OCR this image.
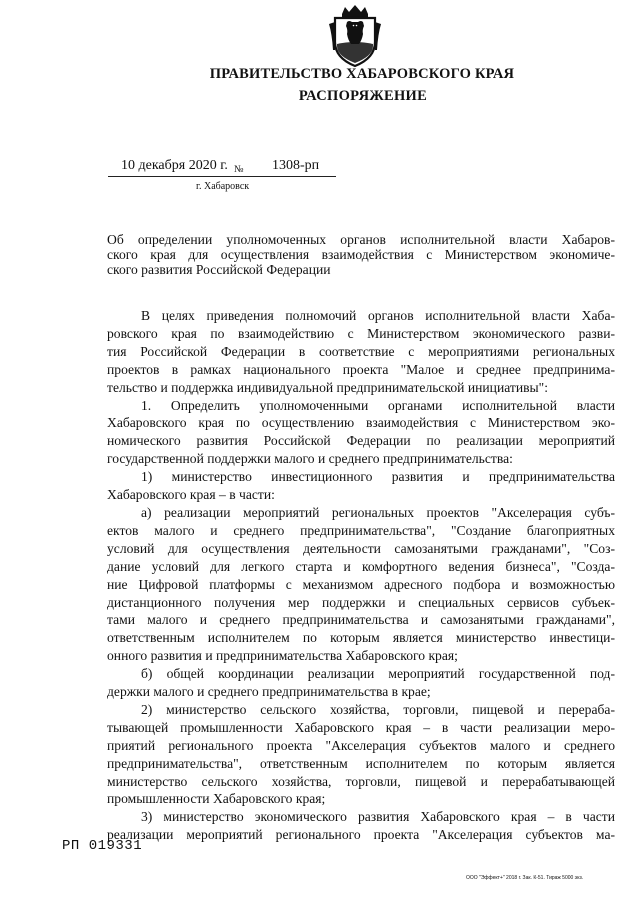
ПРАВИТЕЛЬСТВО ХАБАРОВСКОГО КРАЯ
РАСПОРЯЖЕНИЕ
10 декабря 2020 г. № 1308-рп
г. Хабаровск
Об определении уполномоченных органов исполнительной власти Хабаров-
ского края для осуществления взаимодействия с Министерством экономиче-
ского развития Российской Федерации
В целях приведения полномочий органов исполнительной власти Хаба-
ровского края по взаимодействию с Министерством экономического разви-
тия Российской Федерации в соответствие с мероприятиями региональных
проектов в рамках национального проекта "Малое и среднее предпринима-
тельство и поддержка индивидуальной предпринимательской инициативы":
1. Определить уполномоченными органами исполнительной власти
Хабаровского края по осуществлению взаимодействия с Министерством эко-
номического развития Российской Федерации по реализации мероприятий
государственной поддержки малого и среднего предпринимательства:
1) министерство инвестиционного развития и предпринимательства
Хабаровского края – в части:
а) реализации мероприятий региональных проектов "Акселерация субъ-
ектов малого и среднего предпринимательства", "Создание благоприятных
условий для осуществления деятельности самозанятыми гражданами", "Соз-
дание условий для легкого старта и комфортного ведения бизнеса", "Созда-
ние Цифровой платформы с механизмом адресного подбора и возможностью
дистанционного получения мер поддержки и специальных сервисов субъек-
тами малого и среднего предпринимательства и самозанятыми гражданами",
ответственным исполнителем по которым является министерство инвестици-
онного развития и предпринимательства Хабаровского края;
б) общей координации реализации мероприятий государственной под-
держки малого и среднего предпринимательства в крае;
2) министерство сельского хозяйства, торговли, пищевой и перераба-
тывающей промышленности Хабаровского края – в части реализации меро-
приятий регионального проекта "Акселерация субъектов малого и среднего
предпринимательства", ответственным исполнителем по которым является
министерство сельского хозяйства, торговли, пищевой и перерабатывающей
промышленности Хабаровского края;
3) министерство экономического развития Хабаровского края – в части
реализации мероприятий регионального проекта "Акселерация субъектов ма-
РП 019331
ООО "Эффект+" 2018 г. Зак. К-51. Тираж 5000 экз.
